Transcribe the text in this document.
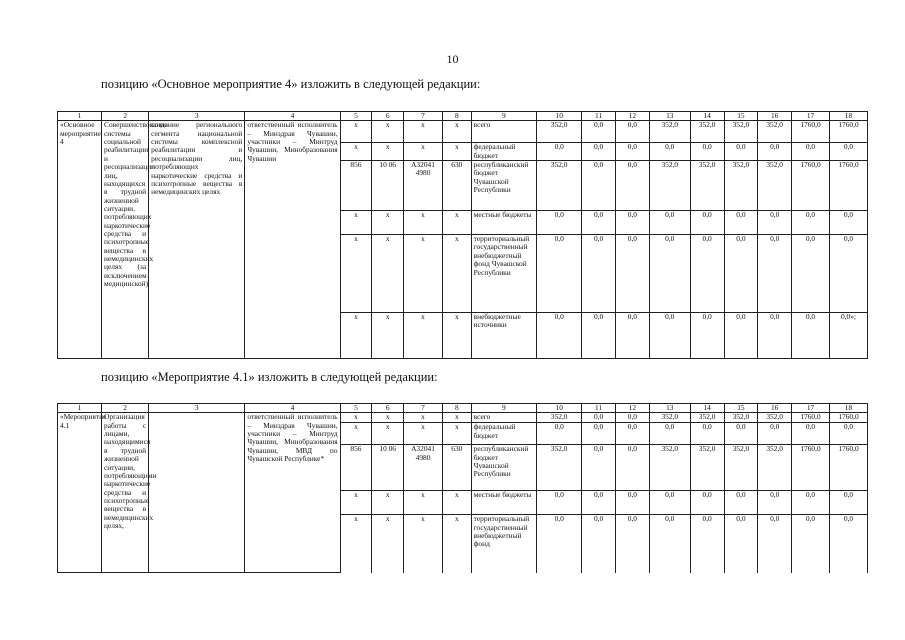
10
позицию «Основное мероприятие 4» изложить в следующей редакции:
позицию «Мероприятие 4.1» изложить в следующей редакции:
1	2	3	4	5	6	7	8	9	10	11	12	13	14	15	16	17	18
«Основное мероприятие 4	Совершенствование системы социальной реабилитации и ресоциализации лиц, находящихся в трудной жизненной ситуации, потребляющих наркотические средства и психотропные вещества в немедицинских целях (за исключением медицинской)	создание регионального сегмента национальной системы комплексной реабилитации и ресоциализации лиц, потребляющих наркотические средства и психотропные вещества в немедицинских целях	ответственный исполнитель – Минздрав Чувашии, участники – Минтруд Чувашии, Минобразования Чувашии	x	x	x	x	всего	352,0	0,0	0,0	352,0	352,0	352,0	352,0	1760,0	1760,0
				x	x	x	x	федеральный бюджет	0,0	0,0	0,0	0,0	0,0	0,0	0,0	0,0	0,0
				856	10 06	А32041 4980	630	республиканский бюджет Чувашской Республики	352,0	0,0	0,0	352,0	352,0	352,0	352,0	1760,0	1760,0
				x	x	x	x	местные бюджеты	0,0	0,0	0,0	0,0	0,0	0,0	0,0	0,0	0,0
				x	x	x	x	территориальный государственный внебюджетный фонд Чувашской Республики	0,0	0,0	0,0	0,0	0,0	0,0	0,0	0,0	0,0
				x	x	x	x	внебюджетные источники	0,0	0,0	0,0	0,0	0,0	0,0	0,0	0,0	0,0»;
1	2	3	4	5	6	7	8	9	10	11	12	13	14	15	16	17	18
«Мероприятие 4.1	Организация работы с лицами, находящимися в трудной жизненной ситуации, потребляющими наркотические средства и психотропные вещества в немедицинских целях,		ответственный исполнитель – Минздрав Чувашии, участники – Минтруд Чувашии, Минобразования Чувашии, МВД по Чувашской Республике*	x	x	x	x	всего	352,0	0,0	0,0	352,0	352,0	352,0	352,0	1760,0	1760,0
				x	x	x	x	федеральный бюджет	0,0	0,0	0,0	0,0	0,0	0,0	0,0	0,0	0,0
				856	10 06	А32041 4980	630	республиканский бюджет Чувашской Республики	352,0	0,0	0,0	352,0	352,0	352,0	352,0	1760,0	1760,0
				x	x	x	x	местные бюджеты	0,0	0,0	0,0	0,0	0,0	0,0	0,0	0,0	0,0
				x	x	x	x	территориальный государственный внебюджетный фонд	0,0	0,0	0,0	0,0	0,0	0,0	0,0	0,0	0,0
